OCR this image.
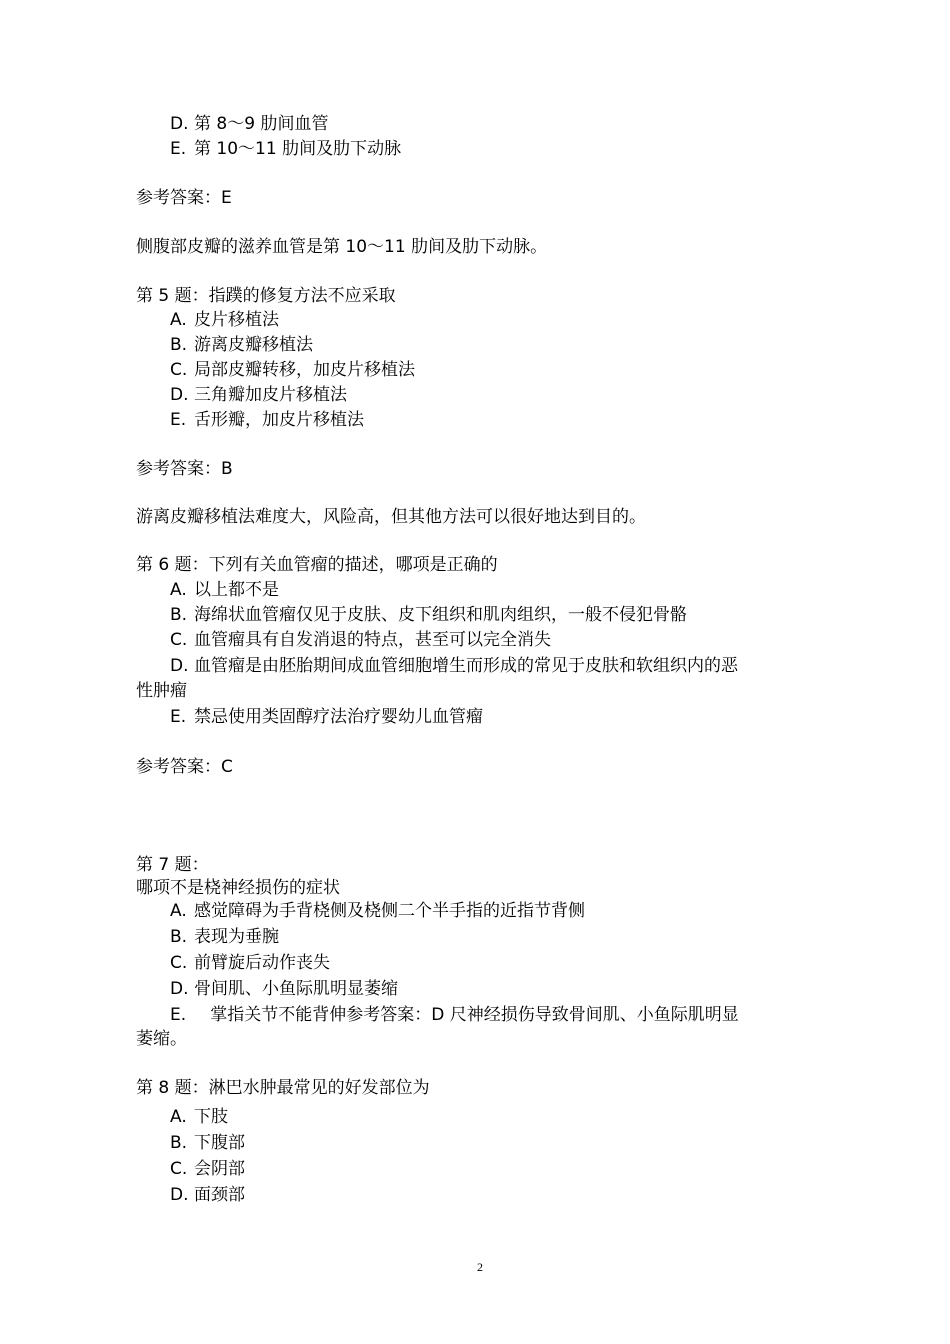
D. 第 8～9 肋间血管

E. 第 10～11 肋间及肋下动脉

参考答案：E

侧腹部皮瓣的滋养血管是第 10～11 肋间及肋下动脉。

第 5 题：指蹼的修复方法不应采取

A. 皮片移植法

B. 游离皮瓣移植法

C. 局部皮瓣转移，加皮片移植法

D. 三角瓣加皮片移植法

E. 舌形瓣，加皮片移植法

参考答案：B

游离皮瓣移植法难度大，风险高，但其他方法可以很好地达到目的。

第 6 题：下列有关血管瘤的描述，哪项是正确的

A. 以上都不是

B. 海绵状血管瘤仅见于皮肤、皮下组织和肌肉组织，一般不侵犯骨骼

C. 血管瘤具有自发消退的特点，甚至可以完全消失

D. 血管瘤是由胚胎期间成血管细胞增生而形成的常见于皮肤和软组织内的恶

性肿瘤

E. 禁忌使用类固醇疗法治疗婴幼儿血管瘤

参考答案：C

第 7 题：

哪项不是桡神经损伤的症状

A. 感觉障碍为手背桡侧及桡侧二个半手指的近指节背侧

B. 表现为垂腕

C. 前臂旋后动作丧失

D. 骨间肌、小鱼际肌明显萎缩

E.   掌指关节不能背伸参考答案：D 尺神经损伤导致骨间肌、小鱼际肌明显

萎缩。

第 8 题：淋巴水肿最常见的好发部位为

A. 下肢

B. 下腹部

C. 会阴部

D. 面颈部

2
